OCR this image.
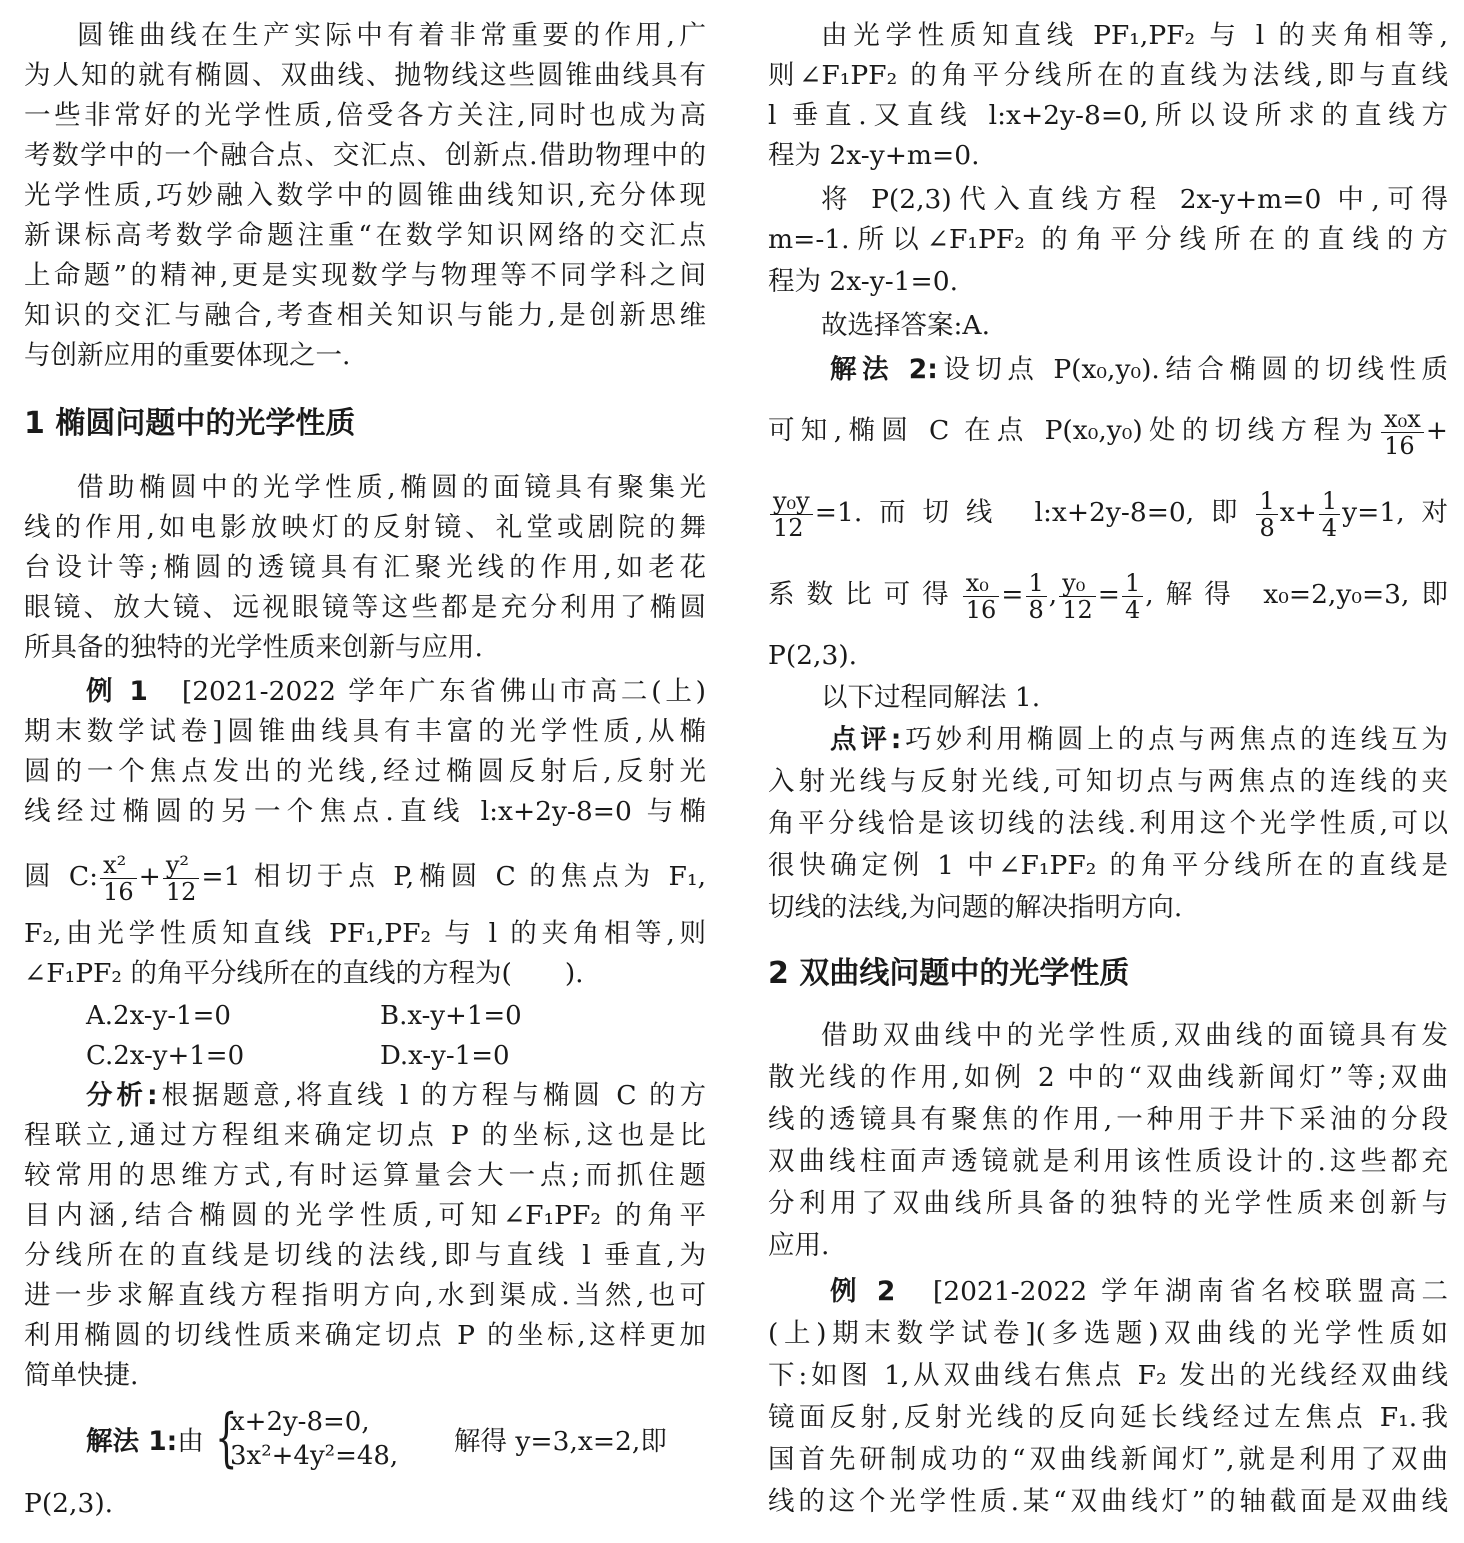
圆锥曲线在生产实际中有着非常重要的作用,广
为人知的就有椭圆、双曲线、抛物线这些圆锥曲线具有
一些非常好的光学性质,倍受各方关注,同时也成为高
考数学中的一个融合点、交汇点、创新点.借助物理中的
光学性质,巧妙融入数学中的圆锥曲线知识,充分体现
新课标高考数学命题注重“在数学知识网络的交汇点
上命题”的精神,更是实现数学与物理等不同学科之间
知识的交汇与融合,考查相关知识与能力,是创新思维
与创新应用的重要体现之一.
1 椭圆问题中的光学性质
借助椭圆中的光学性质,椭圆的面镜具有聚集光
线的作用,如电影放映灯的反射镜、礼堂或剧院的舞
台设计等;椭圆的透镜具有汇聚光线的作用,如老花
眼镜、放大镜、远视眼镜等这些都是充分利用了椭圆
所具备的独特的光学性质来创新与应用.
例 1　 [2021-2022 学年广东省佛山市高二(上)
期末数学试卷]圆锥曲线具有丰富的光学性质,从椭
圆的一个焦点发出的光线,经过椭圆反射后,反射光
线经过椭圆的另一个焦点.直线 l:x+2y-8=0 与椭
圆 C: $\frac{\text{x²}}{16} + \frac{\text{y²}}{12} =1$ 相切于点 P,椭圆 C 的焦点为 F₁,
F₂,由光学性质知直线 PF₁,PF₂ 与 l 的夹角相等,则
∠F₁PF₂ 的角平分线所在的直线的方程为(　　).
A.2x-y-1=0	B.x-y+1=0
C.2x-y+1=0	D.x-y-1=0
分析:根据题意,将直线 l 的方程与椭圆 C 的方
程联立,通过方程组来确定切点 P 的坐标,这也是比
较常用的思维方式,有时运算量会大一点;而抓住题
目内涵,结合椭圆的光学性质,可知∠F₁PF₂ 的角平
分线所在的直线是切线的法线,即与直线 l 垂直,为
进一步求解直线方程指明方向,水到渠成.当然,也可
利用椭圆的切线性质来确定切点 P 的坐标,这样更加
简单快捷.
解法 1:由 {
x+2y-8=0,
3x²+4y²=48, 解得 y=3,x=2,即
P(2,3).
由光学性质知直线 PF₁,PF₂ 与 l 的夹角相等,
则∠F₁PF₂ 的角平分线所在的直线为法线,即与直线
l 垂直.又直线 l:x+2y-8=0,所以设所求的直线方
程为 2x-y+m=0.
将 P(2,3)代入直线方程 2x-y+m=0 中,可得
m=-1.所以∠F₁PF₂ 的角平分线所在的直线的方
程为 2x-y-1=0.
故选择答案:A.
解法 2:设切点 P(x₀,y₀).结合椭圆的切线性质
可知,椭圆 C 在点 P(x₀,y₀)处的切线方程为 $\frac{\text{x₀x}}{16}$ +
$\frac{\text{y₀y}}{12} =1$.而切线 l:x+2y-8=0,即 $\frac{1}{8} x+ \frac{1}{4} y=1$,对
系数比可得 $\frac{\text{x₀}}{16} = \frac{1}{8}$ , $\frac{\text{y₀}}{12} = \frac{1}{4}$ ,解得 x₀=2,y₀=3,即
P(2,3).
以下过程同解法 1.
点评:巧妙利用椭圆上的点与两焦点的连线互为
入射光线与反射光线,可知切点与两焦点的连线的夹
角平分线恰是该切线的法线.利用这个光学性质,可以
很快确定例 1 中∠F₁PF₂ 的角平分线所在的直线是
切线的法线,为问题的解决指明方向.
2 双曲线问题中的光学性质
借助双曲线中的光学性质,双曲线的面镜具有发
散光线的作用,如例 2 中的“双曲线新闻灯”等;双曲
线的透镜具有聚焦的作用,一种用于井下采油的分段
双曲线柱面声透镜就是利用该性质设计的.这些都充
分利用了双曲线所具备的独特的光学性质来创新与
应用.
例 2　 [2021-2022 学年湖南省名校联盟高二
(上)期末数学试卷](多选题)双曲线的光学性质如
下:如图 1,从双曲线右焦点 F₂ 发出的光线经双曲线
镜面反射,反射光线的反向延长线经过左焦点 F₁.我
国首先研制成功的“双曲线新闻灯”,就是利用了双曲
线的这个光学性质.某“双曲线灯”的轴截面是双曲线
